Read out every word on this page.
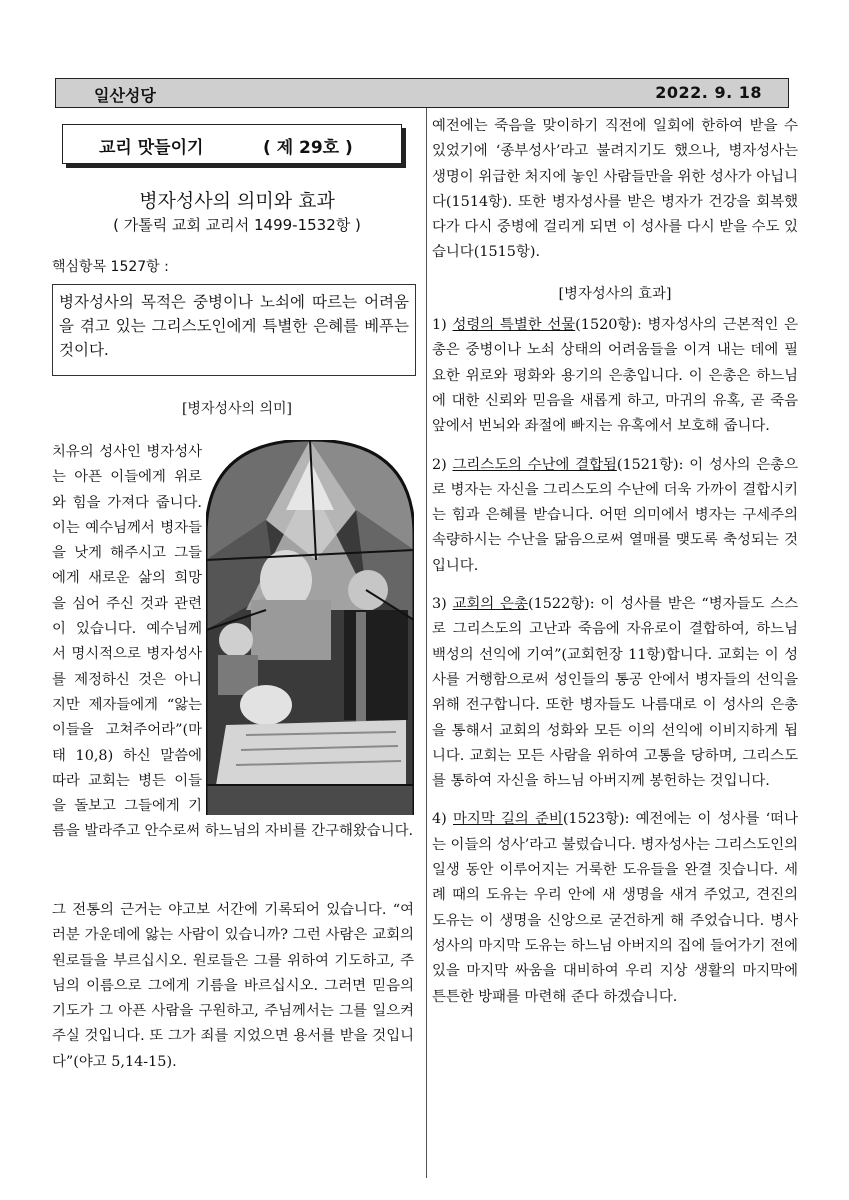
일산성당	2022. 9. 18
교리 맛들이기	( 제 29호 )
병자성사의 의미와 효과
( 가톨릭 교회 교리서 1499-1532항 )
핵심항목 1527항 :
병자성사의 목적은 중병이나 노쇠에 따르는 어려움을 겪고 있는 그리스도인에게 특별한 은혜를 베푸는 것이다.
[병자성사의 의미]

치유의 성사인 병자성사는 아픈 이들에게 위로와 힘을 가져다 줍니다. 이는 예수님께서 병자들을 낫게 해주시고 그들에게 새로운 삶의 희망을 심어 주신 것과 관련이 있습니다. 예수님께서 명시적으로 병자성사를 제정하신 것은 아니지만 제자들에게 “앓는 이들을 고쳐주어라”(마태 10,8) 하신 말씀에 따라 교회는 병든 이들을 돌보고 그들에게 기름을 발라주고 안수로써 하느님의 자비를 간구해왔습니다.

그 전통의 근거는 야고보 서간에 기록되어 있습니다. “여러분 가운데에 앓는 사람이 있습니까? 그런 사람은 교회의 원로들을 부르십시오. 원로들은 그를 위하여 기도하고, 주님의 이름으로 그에게 기름을 바르십시오. 그러면 믿음의 기도가 그 아픈 사람을 구원하고, 주님께서는 그를 일으켜 주실 것입니다. 또 그가 죄를 지었으면 용서를 받을 것입니다”(야고 5,14-15).

예전에는 죽음을 맞이하기 직전에 일회에 한하여 받을 수 있었기에 ‘종부성사’라고 불려지기도 했으나, 병자성사는 생명이 위급한 처지에 놓인 사람들만을 위한 성사가 아닙니다(1514항). 또한 병자성사를 받은 병자가 건강을 회복했다가 다시 중병에 걸리게 되면 이 성사를 다시 받을 수도 있습니다(1515항).

[병자성사의 효과]

1) 성령의 특별한 선물(1520항): 병자성사의 근본적인 은총은 중병이나 노쇠 상태의 어려움들을 이겨 내는 데에 필요한 위로와 평화와 용기의 은총입니다. 이 은총은 하느님에 대한 신뢰와 믿음을 새롭게 하고, 마귀의 유혹, 곧 죽음 앞에서 번뇌와 좌절에 빠지는 유혹에서 보호해 줍니다.

2) 그리스도의 수난에 결합됨(1521항): 이 성사의 은총으로 병자는 자신을 그리스도의 수난에 더욱 가까이 결합시키는 힘과 은혜를 받습니다. 어떤 의미에서 병자는 구세주의 속량하시는 수난을 닮음으로써 열매를 맺도록 축성되는 것입니다.

3) 교회의 은총(1522항): 이 성사를 받은 “병자들도 스스로 그리스도의 고난과 죽음에 자유로이 결합하여, 하느님 백성의 선익에 기여”(교회헌장 11항)합니다. 교회는 이 성사를 거행함으로써 성인들의 통공 안에서 병자들의 선익을 위해 전구합니다. 또한 병자들도 나름대로 이 성사의 은총을 통해서 교회의 성화와 모든 이의 선익에 이비지하게 됩니다. 교회는 모든 사람을 위하여 고통을 당하며, 그리스도를 통하여 자신을 하느님 아버지께 봉헌하는 것입니다.

4) 마지막 길의 준비(1523항): 예전에는 이 성사를 ‘떠나는 이들의 성사’라고 불렀습니다. 병자성사는 그리스도인의 일생 동안 이루어지는 거룩한 도유들을 완결 짓습니다. 세례 때의 도유는 우리 안에 새 생명을 새겨 주었고, 견진의 도유는 이 생명을 신앙으로 굳건하게 해 주었습니다. 병사성사의 마지막 도유는 하느님 아버지의 집에 들어가기 전에 있을 마지막 싸움을 대비하여 우리 지상 생활의 마지막에 튼튼한 방패를 마련해 준다 하겠습니다.
